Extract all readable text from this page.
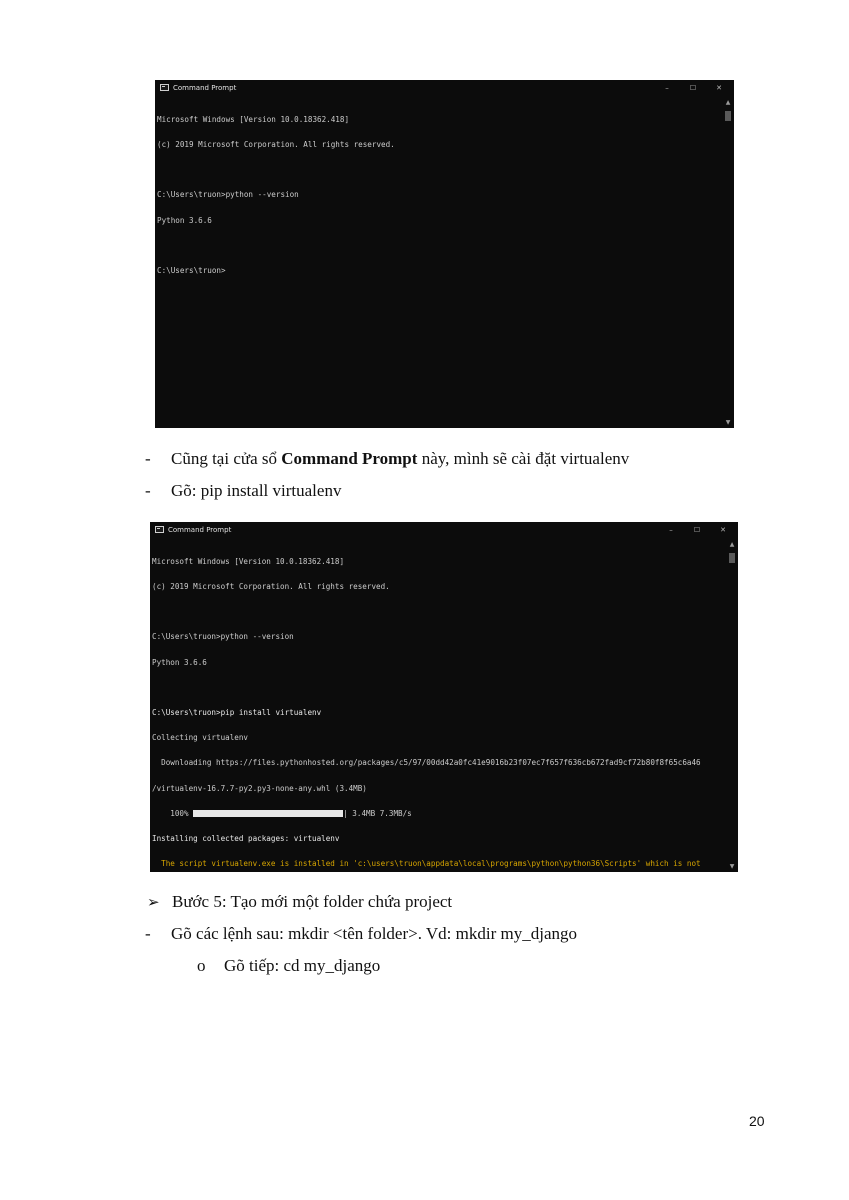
Command Prompt	–	☐	✕

Microsoft Windows [Version 10.0.18362.418]

(c) 2019 Microsoft Corporation. All rights reserved.

C:\Users\truon>python --version

Python 3.6.6

C:\Users\truon>

▲
▼
- Cũng tại cửa sổ Command Prompt này, mình sẽ cài đặt virtualenv
- Gõ: pip install virtualenv
Command Prompt	–	☐	✕

Microsoft Windows [Version 10.0.18362.418]

(c) 2019 Microsoft Corporation. All rights reserved.

C:\Users\truon>python --version

Python 3.6.6

C:\Users\truon>pip install virtualenv

Collecting virtualenv

Downloading https://files.pythonhosted.org/packages/c5/97/00dd42a0fc41e9016b23f07ec7f657f636cb672fad9cf72b80f8f65c6a46

/virtualenv-16.7.7-py2.py3-none-any.whl (3.4MB)

100%	| 3.4MB 7.3MB/s

Installing collected packages: virtualenv

The script virtualenv.exe is installed in 'c:\users\truon\appdata\local\programs\python\python36\Scripts' which is not

▲
▼
➢ Bước 5: Tạo mới một folder chứa project
- Gõ các lệnh sau: mkdir <tên folder>. Vd: mkdir my_django
o Gõ tiếp: cd my_django
20
